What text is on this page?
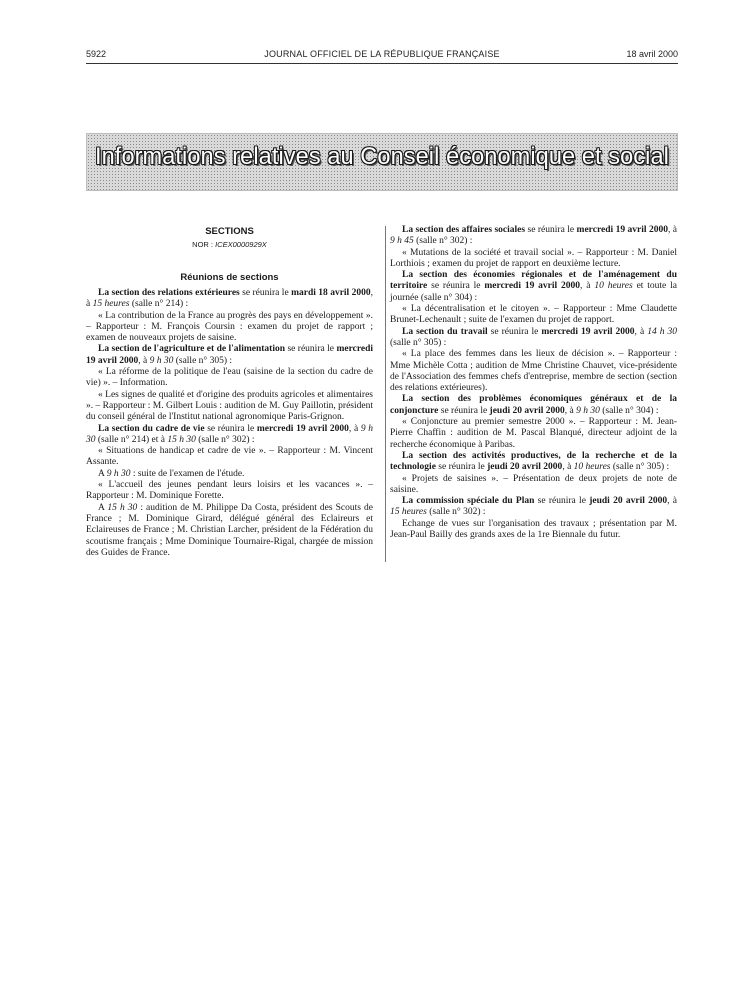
5922	JOURNAL OFFICIEL DE LA RÉPUBLIQUE FRANÇAISE	18 avril 2000
Informations relatives au Conseil économique et social
SECTIONS
NOR : ICEX0000929X
Réunions de sections

La section des relations extérieures se réunira le mardi 18 avril 2000, à 15 heures (salle n° 214) :

« La contribution de la France au progrès des pays en développement ». – Rapporteur : M. François Coursin : examen du projet de rapport ; examen de nouveaux projets de saisine.

La section de l'agriculture et de l'alimentation se réunira le mercredi 19 avril 2000, à 9 h 30 (salle n° 305) :

« La réforme de la politique de l'eau (saisine de la section du cadre de vie) ». – Information.

« Les signes de qualité et d'origine des produits agricoles et alimentaires ». – Rapporteur : M. Gilbert Louis : audition de M. Guy Paillotin, président du conseil général de l'Institut national agronomique Paris-Grignon.

La section du cadre de vie se réunira le mercredi 19 avril 2000, à 9 h 30 (salle n° 214) et à 15 h 30 (salle n° 302) :

« Situations de handicap et cadre de vie ». – Rapporteur : M. Vincent Assante.

A 9 h 30 : suite de l'examen de l'étude.

« L'accueil des jeunes pendant leurs loisirs et les vacances ». – Rapporteur : M. Dominique Forette.

A 15 h 30 : audition de M. Philippe Da Costa, président des Scouts de France ; M. Dominique Girard, délégué général des Eclaireurs et Eclaireuses de France ; M. Christian Larcher, président de la Fédération du scoutisme français ; Mme Dominique Tournaire-Rigal, chargée de mission des Guides de France.

La section des affaires sociales se réunira le mercredi 19 avril 2000, à 9 h 45 (salle n° 302) :

« Mutations de la société et travail social ». – Rapporteur : M. Daniel Lorthiois ; examen du projet de rapport en deuxième lecture.

La section des économies régionales et de l'aménagement du territoire se réunira le mercredi 19 avril 2000, à 10 heures et toute la journée (salle n° 304) :

« La décentralisation et le citoyen ». – Rapporteur : Mme Claudette Brunet-Lechenault ; suite de l'examen du projet de rapport.

La section du travail se réunira le mercredi 19 avril 2000, à 14 h 30 (salle n° 305) :

« La place des femmes dans les lieux de décision ». – Rapporteur : Mme Michèle Cotta ; audition de Mme Christine Chauvet, vice-présidente de l'Association des femmes chefs d'entreprise, membre de section (section des relations extérieures).

La section des problèmes économiques généraux et de la conjoncture se réunira le jeudi 20 avril 2000, à 9 h 30 (salle n° 304) :

« Conjoncture au premier semestre 2000 ». – Rapporteur : M. Jean-Pierre Chaffin : audition de M. Pascal Blanqué, directeur adjoint de la recherche économique à Paribas.

La section des activités productives, de la recherche et de la technologie se réunira le jeudi 20 avril 2000, à 10 heures (salle n° 305) :

« Projets de saisines ». – Présentation de deux projets de note de saisine.

La commission spéciale du Plan se réunira le jeudi 20 avril 2000, à 15 heures (salle n° 302) :

Echange de vues sur l'organisation des travaux ; présentation par M. Jean-Paul Bailly des grands axes de la 1re Biennale du futur.
